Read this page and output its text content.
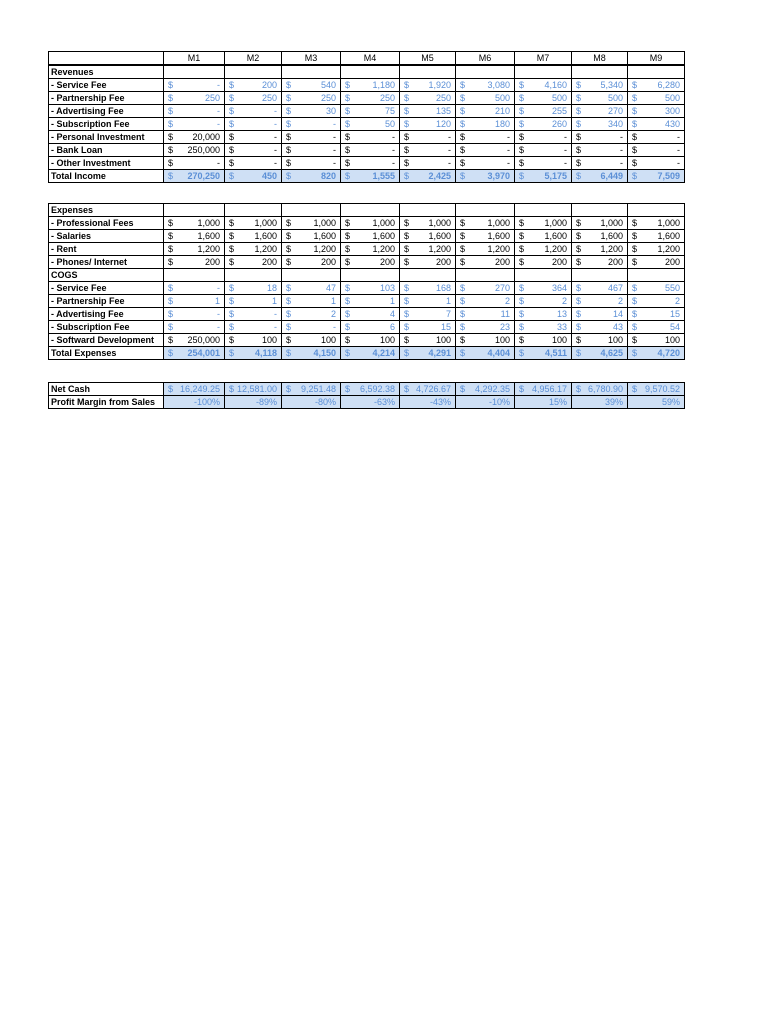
	M1	M2	M3	M4	M5	M6	M7	M8	M9
Revenues									
- Service Fee	$ -	$ 200	$ 540	$ 1,180	$ 1,920	$ 3,080	$ 4,160	$ 5,340	$ 6,280

- Partnership Fee	$ 250	$ 250	$ 250	$ 250	$ 250	$ 500	$ 500	$ 500	$ 500

- Advertising Fee	$ -	$ -	$ 30	$ 75	$ 135	$ 210	$ 255	$ 270	$ 300

- Subscription Fee	$ -	$ -	$ -	$ 50	$ 120	$ 180	$ 260	$ 340	$ 430

- Personal Investment	$ 20,000	$ -	$ -	$ -	$ -	$ -	$ -	$ -	$ -

- Bank Loan	$ 250,000	$ -	$ -	$ -	$ -	$ -	$ -	$ -	$ -

- Other Investment	$ -	$ -	$ -	$ -	$ -	$ -	$ -	$ -	$ -

Total Income	$ 270,250	$ 450	$ 820	$ 1,555	$ 2,425	$ 3,970	$ 5,175	$ 6,449	$ 7,509
Expenses									
- Professional Fees	$ 1,000	$ 1,000	$ 1,000	$ 1,000	$ 1,000	$ 1,000	$ 1,000	$ 1,000	$ 1,000

- Salaries	$ 1,600	$ 1,600	$ 1,600	$ 1,600	$ 1,600	$ 1,600	$ 1,600	$ 1,600	$ 1,600

- Rent	$ 1,200	$ 1,200	$ 1,200	$ 1,200	$ 1,200	$ 1,200	$ 1,200	$ 1,200	$ 1,200

- Phones/ Internet	$ 200	$ 200	$ 200	$ 200	$ 200	$ 200	$ 200	$ 200	$ 200

COGS									
- Service Fee	$ -	$ 18	$ 47	$ 103	$ 168	$ 270	$ 364	$ 467	$ 550

- Partnership Fee	$ 1	$ 1	$ 1	$ 1	$ 1	$ 2	$ 2	$ 2	$ 2

- Advertising Fee	$ -	$ -	$ 2	$ 4	$ 7	$ 11	$ 13	$ 14	$ 15

- Subscription Fee	$ -	$ -	$ -	$ 6	$ 15	$ 23	$ 33	$ 43	$ 54

- Softward Development	$ 250,000	$ 100	$ 100	$ 100	$ 100	$ 100	$ 100	$ 100	$ 100

Total Expenses	$ 254,001	$ 4,118	$ 4,150	$ 4,214	$ 4,291	$ 4,404	$ 4,511	$ 4,625	$ 4,720
Net Cash	$ 16,249.25	$ 12,581.00	$ 9,251.48	$ 6,592.38	$ 4,726.67	$ 4,292.35	$ 4,956.17	$ 6,780.90	$ 9,570.52

Profit Margin from Sales	-100%	-89%	-80%	-63%	-43%	-10%	15%	39%	59%
